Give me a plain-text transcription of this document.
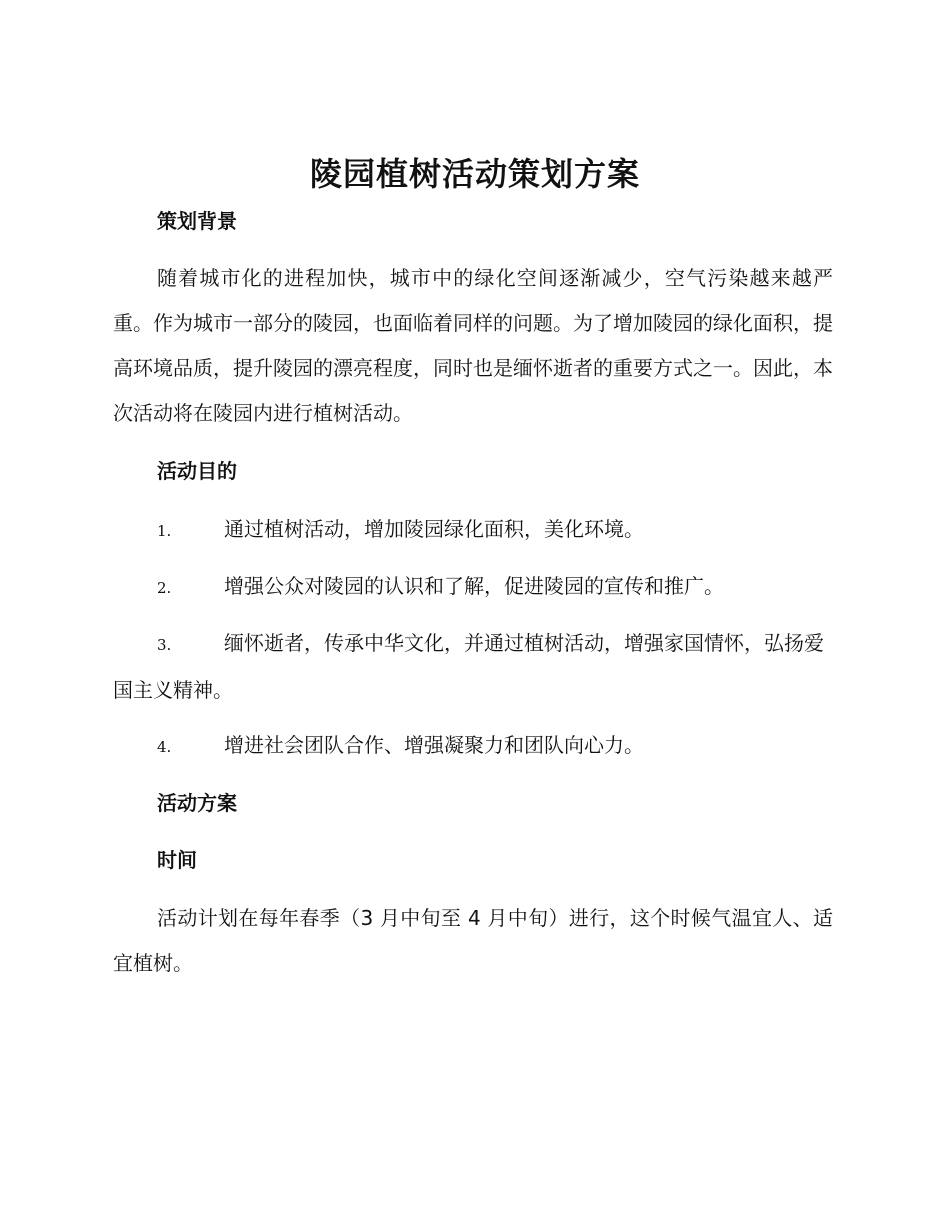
陵园植树活动策划方案
策划背景

随着城市化的进程加快，城市中的绿化空间逐渐减少，空气污染越来越严重。作为城市一部分的陵园，也面临着同样的问题。为了增加陵园的绿化面积，提高环境品质，提升陵园的漂亮程度，同时也是缅怀逝者的重要方式之一。因此，本次活动将在陵园内进行植树活动。

活动目的
1.	通过植树活动，增加陵园绿化面积，美化环境。
2.	增强公众对陵园的认识和了解，促进陵园的宣传和推广。
3.	缅怀逝者，传承中华文化，并通过植树活动，增强家国情怀，弘扬爱国主义精神。
4.	增进社会团队合作、增强凝聚力和团队向心力。
活动方案
时间

活动计划在每年春季（3 月中旬至 4 月中旬）进行，这个时候气温宜人、适宜植树。
